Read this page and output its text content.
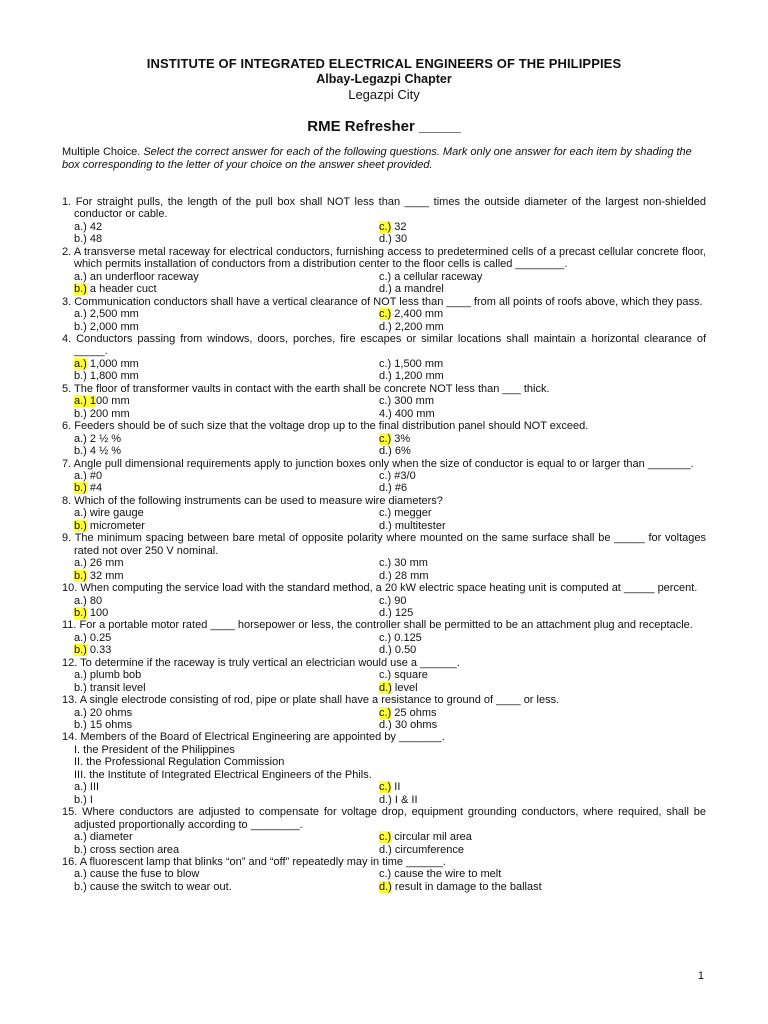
INSTITUTE OF INTEGRATED ELECTRICAL ENGINEERS OF THE PHILIPPIES
Albay-Legazpi Chapter
Legazpi City
RME Refresher _____
Multiple Choice. Select the correct answer for each of the following questions. Mark only one answer for each item by shading the box corresponding to the letter of your choice on the answer sheet provided.
1. For straight pulls, the length of the pull box shall NOT less than ____ times the outside diameter of the largest non-shielded conductor or cable.
a.) 42	c.) 32
b.) 48	d.) 30
2. A transverse metal raceway for electrical conductors, furnishing access to predetermined cells of a precast cellular concrete floor, which permits installation of conductors from a distribution center to the floor cells is called ________.
a.) an underfloor raceway	c.) a cellular raceway
b.) a header cuct	d.) a mandrel
3. Communication conductors shall have a vertical clearance of NOT less than ____ from all points of roofs above, which they pass.
a.) 2,500 mm	c.) 2,400 mm
b.) 2,000 mm	d.) 2,200 mm
4. Conductors passing from windows, doors, porches, fire escapes or similar locations shall maintain a horizontal clearance of _____.
a.) 1,000 mm	c.) 1,500 mm
b.) 1,800 mm	d.) 1,200 mm
5. The floor of transformer vaults in contact with the earth shall be concrete NOT less than ___ thick.
a.) 100 mm	c.) 300 mm
b.) 200 mm	4.) 400 mm
6. Feeders should be of such size that the voltage drop up to the final distribution panel should NOT exceed.
a.) 2 ½ %	c.) 3%
b.) 4 ½ %	d.) 6%
7. Angle pull dimensional requirements apply to junction boxes only when the size of conductor is equal to or larger than _______.
a.) #0	c.) #3/0
b.) #4	d.) #6
8. Which of the following instruments can be used to measure wire diameters?
a.) wire gauge	c.) megger
b.) micrometer	d.) multitester
9. The minimum spacing between bare metal of opposite polarity where mounted on the same surface shall be _____ for voltages rated not over 250 V nominal.
a.) 26 mm	c.) 30 mm
b.) 32 mm	d.) 28 mm
10. When computing the service load with the standard method, a 20 kW electric space heating unit is computed at _____ percent.
a.) 80	c.) 90
b.) 100	d.) 125
11. For a portable motor rated ____ horsepower or less, the controller shall be permitted to be an attachment plug and receptacle.
a.) 0.25	c.) 0.125
b.) 0.33	d.) 0.50
12. To determine if the raceway is truly vertical an electrician would use a ______.
a.) plumb bob	c.) square
b.) transit level	d.) level
13. A single electrode consisting of rod, pipe or plate shall have a resistance to ground of ____ or less.
a.) 20 ohms	c.) 25 ohms
b.) 15 ohms	d.) 30 ohms
14. Members of the Board of Electrical Engineering are appointed by _______.
I. the President of the Philippines
II. the Professional Regulation Commission
III. the Institute of Integrated Electrical Engineers of the Phils.
a.) III	c.) II
b.) I	d.) I & II
15. Where conductors are adjusted to compensate for voltage drop, equipment grounding conductors, where required, shall be adjusted proportionally according to ________.
a.) diameter	c.) circular mil area
b.) cross section area	d.) circumference
16. A fluorescent lamp that blinks “on” and “off” repeatedly may in time ______.
a.) cause the fuse to blow	c.) cause the wire to melt
b.) cause the switch to wear out.	d.) result in damage to the ballast
1
